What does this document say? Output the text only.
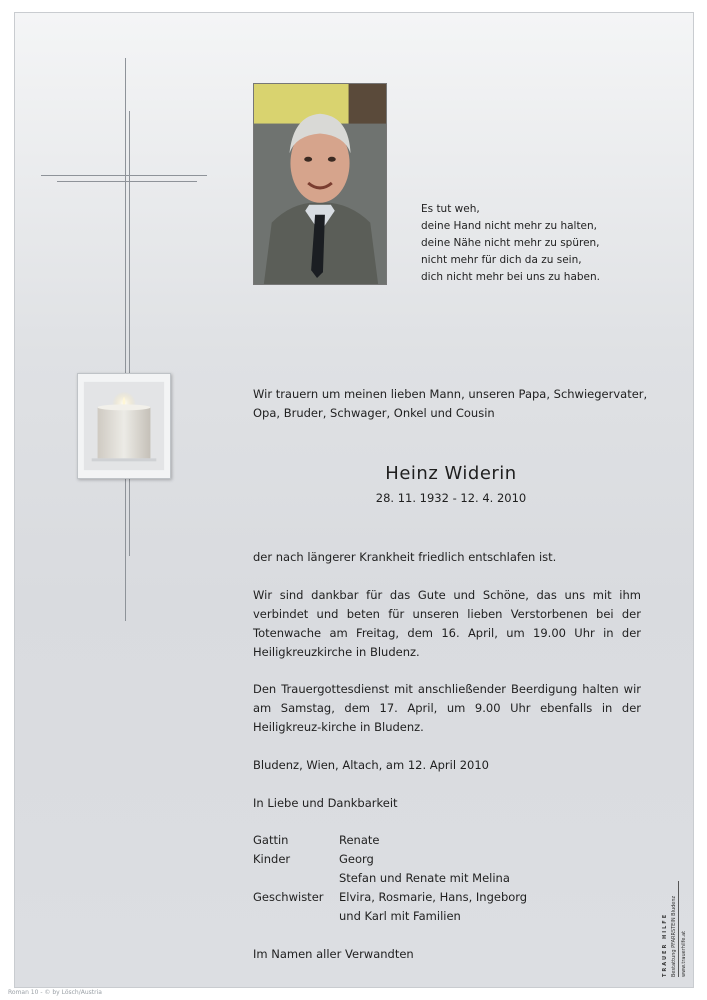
Es tut weh,
deine Hand nicht mehr zu halten,
deine Nähe nicht mehr zu spüren,
nicht mehr für dich da zu sein,
dich nicht mehr bei uns zu haben.
Wir trauern um meinen lieben Mann, unseren Papa, Schwiegervater,
Opa, Bruder, Schwager, Onkel und Cousin
Heinz Widerin
28. 11. 1932 - 12. 4. 2010
der nach längerer Krankheit friedlich entschlafen ist.
Wir sind dankbar für das Gute und Schöne, das uns mit ihm verbindet und beten für unseren lieben Verstorbenen bei der Totenwache am Freitag, dem 16. April, um 19.00 Uhr in der Heiligkreuzkirche in Bludenz.
Den Trauergottesdienst mit anschließender Beerdigung halten wir am Samstag, dem 17. April, um 9.00 Uhr ebenfalls in der Heiligkreuz-kirche in Bludenz.
Bludenz, Wien, Altach, am 12. April 2010
In Liebe und Dankbarkeit
Gattin	Renate
Kinder	Georg
Stefan und Renate mit Melina
Geschwister	Elvira, Rosmarie, Hans, Ingeborg
und Karl mit Familien
Im Namen aller Verwandten	TRAUER HILFE Bestattung PFARRSTEIN Bludenz www.trauerhilfe.at
Roman 10 - © by Lösch/Austria
